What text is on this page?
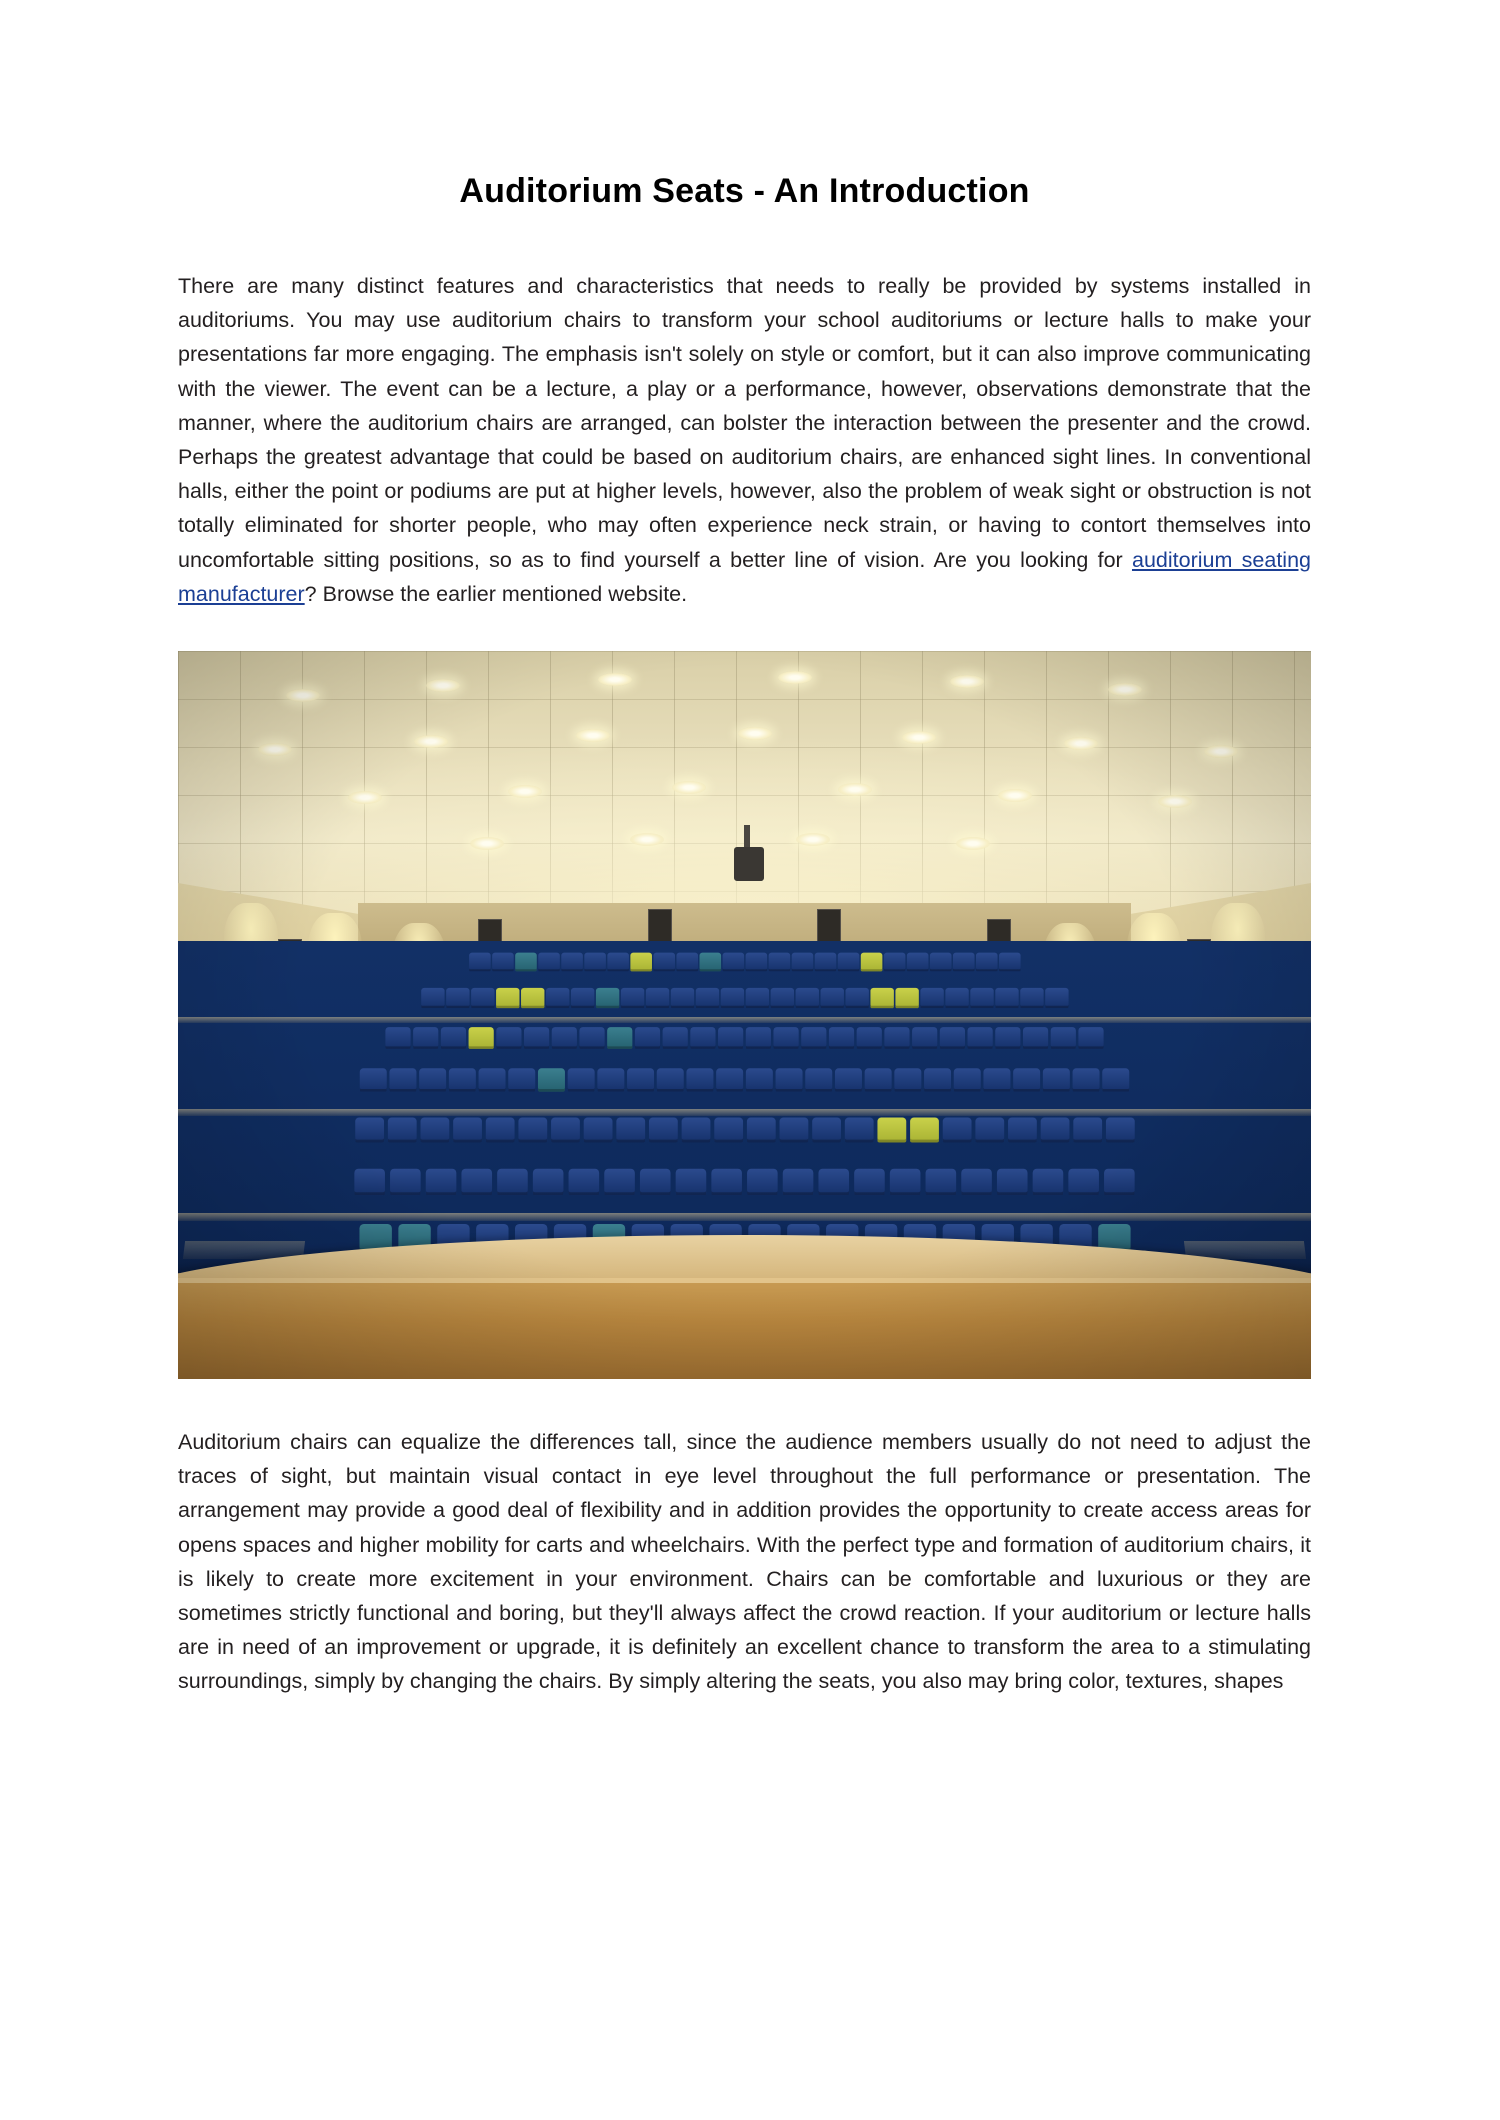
Auditorium Seats - An Introduction

There are many distinct features and characteristics that needs to really be provided by systems installed in auditoriums. You may use auditorium chairs to transform your school auditoriums or lecture halls to make your presentations far more engaging. The emphasis isn't solely on style or comfort, but it can also improve communicating with the viewer. The event can be a lecture, a play or a performance, however, observations demonstrate that the manner, where the auditorium chairs are arranged, can bolster the interaction between the presenter and the crowd. Perhaps the greatest advantage that could be based on auditorium chairs, are enhanced sight lines. In conventional halls, either the point or podiums are put at higher levels, however, also the problem of weak sight or obstruction is not totally eliminated for shorter people, who may often experience neck strain, or having to contort themselves into uncomfortable sitting positions, so as to find yourself a better line of vision. Are you looking for auditorium seating manufacturer? Browse the earlier mentioned website.

Auditorium chairs can equalize the differences tall, since the audience members usually do not need to adjust the traces of sight, but maintain visual contact in eye level throughout the full performance or presentation. The arrangement may provide a good deal of flexibility and in addition provides the opportunity to create access areas for opens spaces and higher mobility for carts and wheelchairs. With the perfect type and formation of auditorium chairs, it is likely to create more excitement in your environment. Chairs can be comfortable and luxurious or they are sometimes strictly functional and boring, but they'll always affect the crowd reaction. If your auditorium or lecture halls are in need of an improvement or upgrade, it is definitely an excellent chance to transform the area to a stimulating surroundings, simply by changing the chairs. By simply altering the seats, you also may bring color, textures, shapes
